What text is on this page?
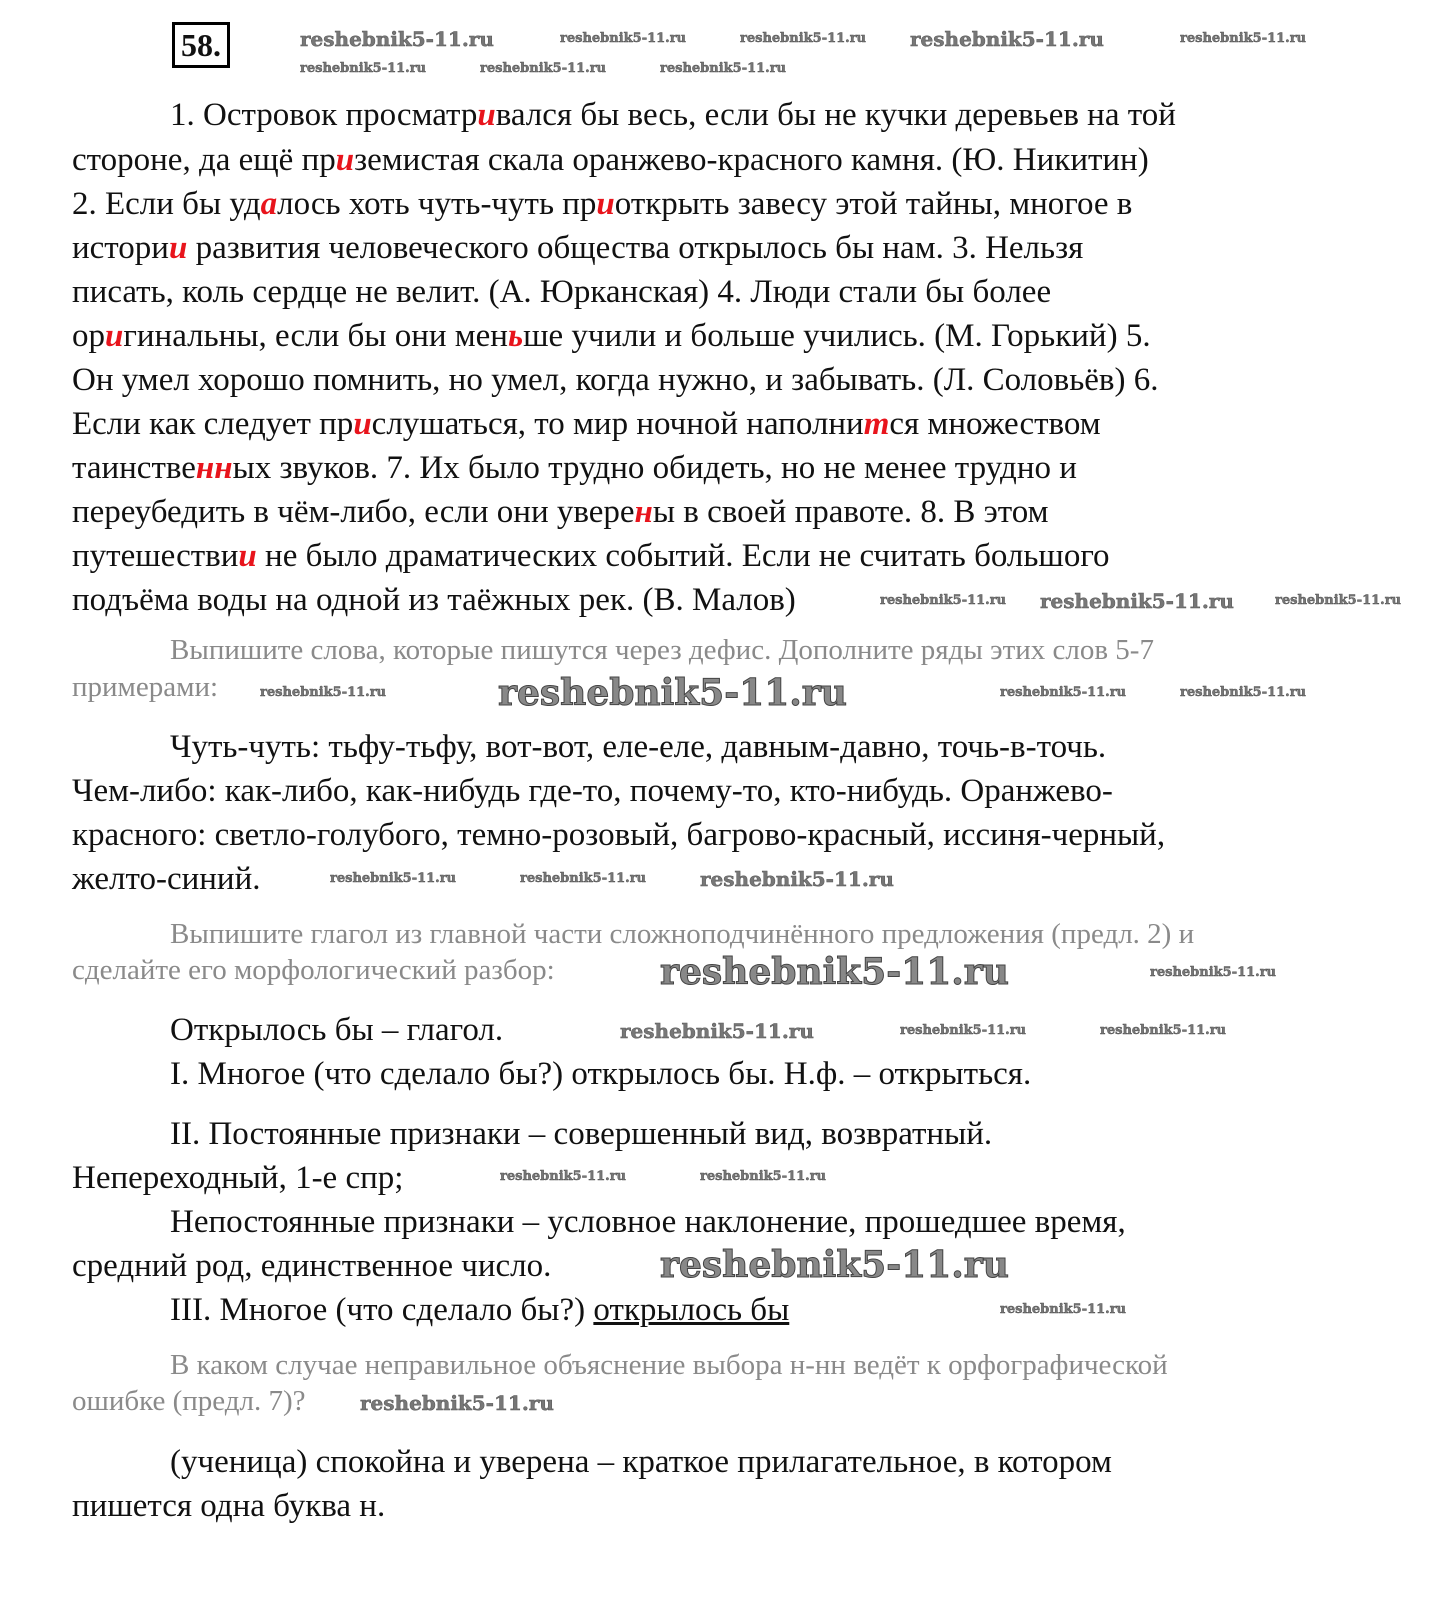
58.
1. Островок просматривался бы весь, если бы не кучки деревьев на той
стороне, да ещё приземистая скала оранжево-красного камня. (Ю. Никитин)
2. Если бы удалось хоть чуть-чуть приоткрыть завесу этой тайны, многое в
истории развития человеческого общества открылось бы нам. 3. Нельзя
писать, коль сердце не велит. (А. Юрканская) 4. Люди стали бы более
оригинальны, если бы они меньше учили и больше учились. (М. Горький) 5.
Он умел хорошо помнить, но умел, когда нужно, и забывать. (Л. Соловьёв) 6.
Если как следует прислушаться, то мир ночной наполнится множеством
таинственных звуков. 7. Их было трудно обидеть, но не менее трудно и
переубедить в чём-либо, если они уверены в своей правоте. 8. В этом
путешествии не было драматических событий. Если не считать большого
подъёма воды на одной из таёжных рек. (В. Малов)
Выпишите слова, которые пишутся через дефис. Дополните ряды этих слов 5-7
примерами:
Чуть-чуть: тьфу-тьфу, вот-вот, еле-еле, давным-давно, точь-в-точь.
Чем-либо: как-либо, как-нибудь где-то, почему-то, кто-нибудь. Оранжево-
красного: светло-голубого, темно-розовый, багрово-красный, иссиня-черный,
желто-синий.
Выпишите глагол из главной части сложноподчинённого предложения (предл. 2) и
сделайте его морфологический разбор:
Открылось бы – глагол.
I. Многое (что сделало бы?) открылось бы. Н.ф. – открыться.
II. Постоянные признаки – совершенный вид, возвратный.
Непереходный, 1-е спр;
Непостоянные признаки – условное наклонение, прошедшее время,
средний род, единственное число.
III. Многое (что сделало бы?) открылось бы
В каком случае неправильное объяснение выбора н-нн ведёт к орфографической
ошибке (предл. 7)?
(ученица) спокойна и уверена – краткое прилагательное, в котором
пишется одна буква н.
reshebnik5-11.ru	reshebnik5-11.ru
reshebnik5-11.ru	reshebnik5-11.ru	reshebnik5-11.ru
reshebnik5-11.ru	reshebnik5-11.ru	reshebnik5-11.ru
reshebnik5-11.ru reshebnik5-11.ru	reshebnik5-11.ru
reshebnik5-11.ru
reshebnik5-11.ru	reshebnik5-11.ru	reshebnik5-11.ru
reshebnik5-11.ru	reshebnik5-11.ru	reshebnik5-11.ru
reshebnik5-11.ru	reshebnik5-11.ru
reshebnik5-11.ru	reshebnik5-11.ru	reshebnik5-11.ru
reshebnik5-11.ru	reshebnik5-11.ru
reshebnik5-11.ru
reshebnik5-11.ru
reshebnik5-11.ru
